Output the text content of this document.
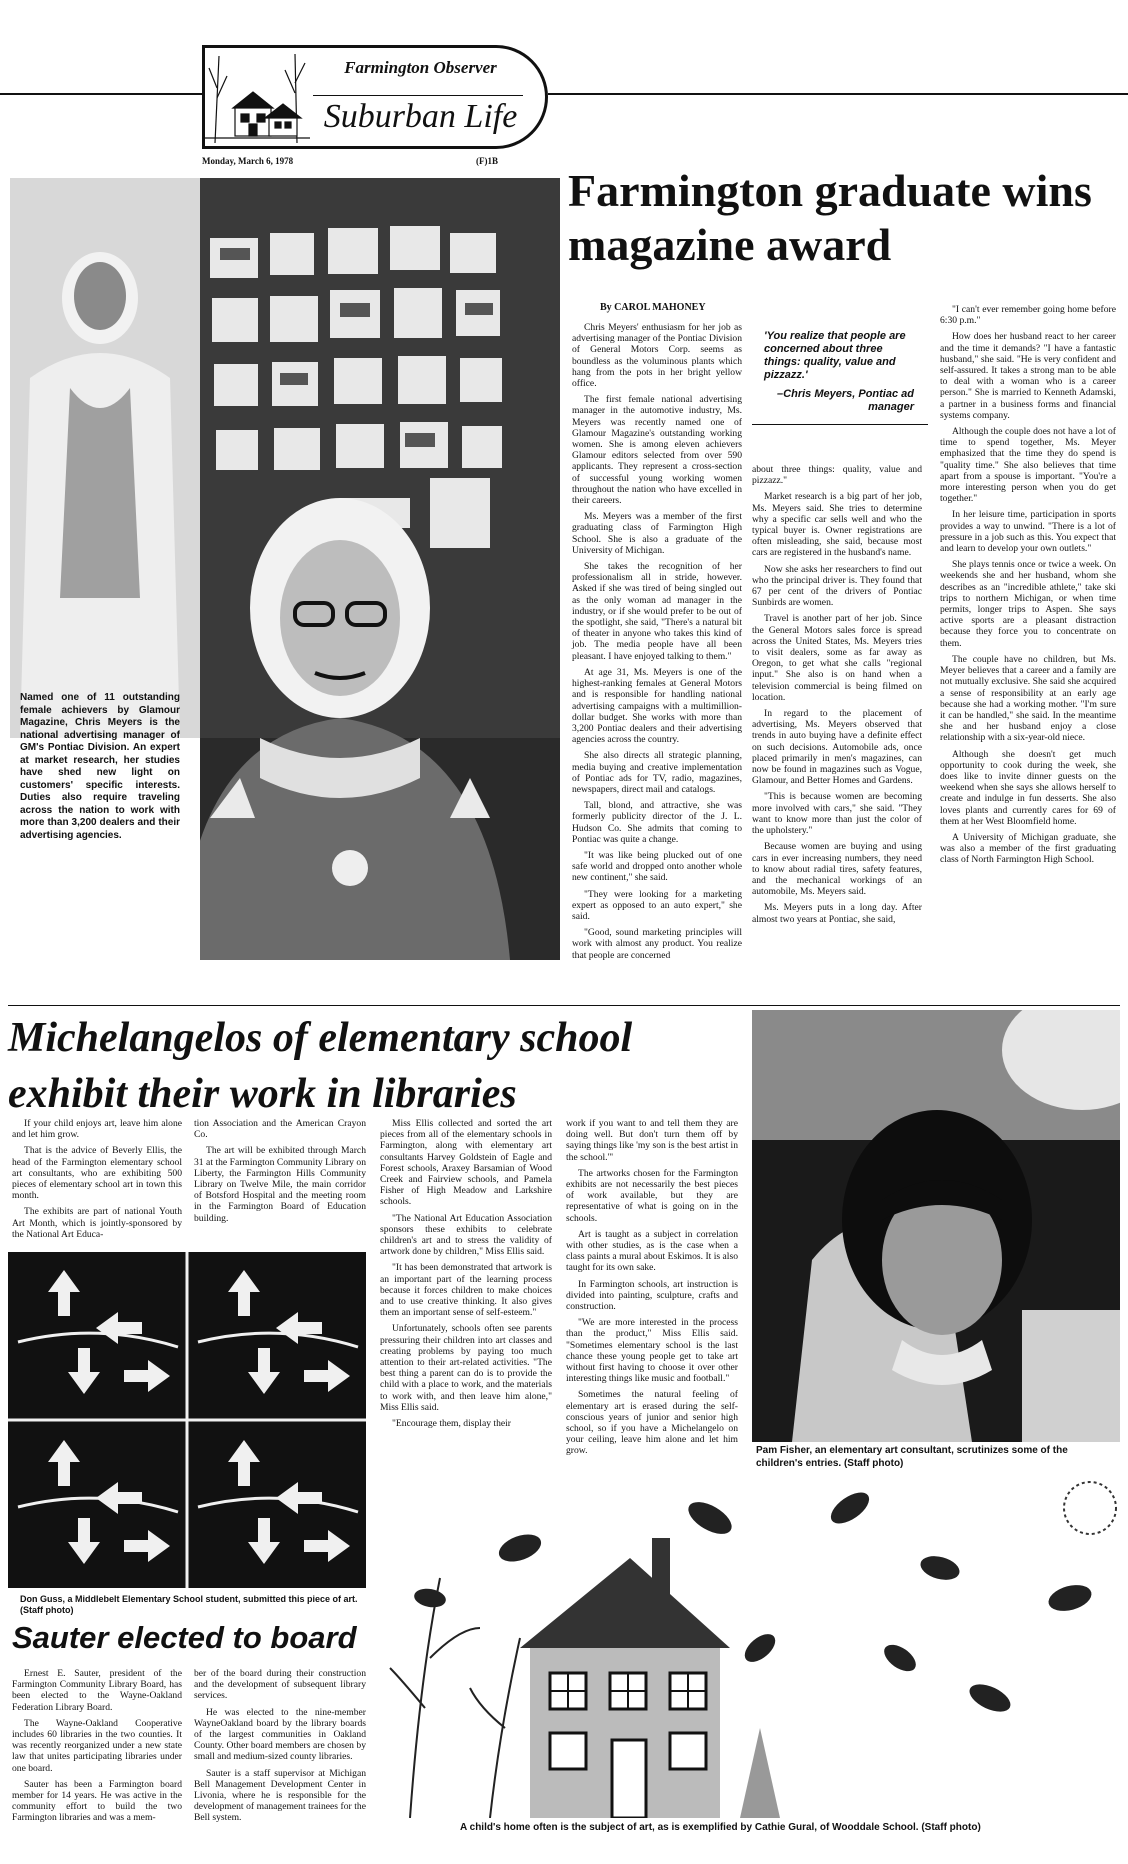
Farmington Observer
Suburban Life
Monday, March 6, 1978	(F)1B
Named one of 11 outstanding female achievers by Glamour Magazine, Chris Meyers is the national advertising manager of GM's Pontiac Division. An expert at market research, her studies have shed new light on customers' specific interests. Duties also require traveling across the nation to work with more than 3,200 dealers and their advertising agencies.
Farmington graduate wins magazine award
By CAROL MAHONEY

Chris Meyers' enthusiasm for her job as advertising manager of the Pontiac Division of General Motors Corp. seems as boundless as the voluminous plants which hang from the pots in her bright yellow office.

The first female national advertising manager in the automotive industry, Ms. Meyers was recently named one of Glamour Magazine's outstanding working women. She is among eleven achievers Glamour editors selected from over 590 applicants. They represent a cross-section of successful young working women throughout the nation who have excelled in their careers.

Ms. Meyers was a member of the first graduating class of Farmington High School. She is also a graduate of the University of Michigan.

She takes the recognition of her professionalism all in stride, however. Asked if she was tired of being singled out as the only woman ad manager in the industry, or if she would prefer to be out of the spotlight, she said, "There's a natural bit of theater in anyone who takes this kind of job. The media people have all been pleasant. I have enjoyed talking to them."

At age 31, Ms. Meyers is one of the highest-ranking females at General Motors and is responsible for handling national advertising campaigns with a multimillion-dollar budget. She works with more than 3,200 Pontiac dealers and their advertising agencies across the country.

She also directs all strategic planning, media buying and creative implementation of Pontiac ads for TV, radio, magazines, newspapers, direct mail and catalogs.

Tall, blond, and attractive, she was formerly publicity director of the J. L. Hudson Co. She admits that coming to Pontiac was quite a change.

"It was like being plucked out of one safe world and dropped onto another whole new continent," she said.

"They were looking for a marketing expert as opposed to an auto expert," she said.

"Good, sound marketing principles will work with almost any product. You realize that people are concerned

'You realize that people are concerned about three things: quality, value and pizzazz.'
–Chris Meyers, Pontiac ad manager

about three things: quality, value and pizzazz."

Market research is a big part of her job, Ms. Meyers said. She tries to determine why a specific car sells well and who the typical buyer is. Owner registrations are often misleading, she said, because most cars are registered in the husband's name.

Now she asks her researchers to find out who the principal driver is. They found that 67 per cent of the drivers of Pontiac Sunbirds are women.

Travel is another part of her job. Since the General Motors sales force is spread across the United States, Ms. Meyers tries to visit dealers, some as far away as Oregon, to get what she calls "regional input." She also is on hand when a television commercial is being filmed on location.

In regard to the placement of advertising, Ms. Meyers observed that trends in auto buying have a definite effect on such decisions. Automobile ads, once placed primarily in men's magazines, can now be found in magazines such as Vogue, Glamour, and Better Homes and Gardens.

"This is because women are becoming more involved with cars," she said. "They want to know more than just the color of the upholstery."

Because women are buying and using cars in ever increasing numbers, they need to know about radial tires, safety features, and the mechanical workings of an automobile, Ms. Meyers said.

Ms. Meyers puts in a long day. After almost two years at Pontiac, she said,

"I can't ever remember going home before 6:30 p.m."

How does her husband react to her career and the time it demands? "I have a fantastic husband," she said. "He is very confident and self-assured. It takes a strong man to be able to deal with a woman who is a career person." She is married to Kenneth Adamski, a partner in a business forms and financial systems company.

Although the couple does not have a lot of time to spend together, Ms. Meyer emphasized that the time they do spend is "quality time." She also believes that time apart from a spouse is important. "You're a more interesting person when you do get together."

In her leisure time, participation in sports provides a way to unwind. "There is a lot of pressure in a job such as this. You expect that and learn to develop your own outlets."

She plays tennis once or twice a week. On weekends she and her husband, whom she describes as an "incredible athlete," take ski trips to northern Michigan, or when time permits, longer trips to Aspen. She says active sports are a pleasant distraction because they force you to concentrate on them.

The couple have no children, but Ms. Meyer believes that a career and a family are not mutually exclusive. She said she acquired a sense of responsibility at an early age because she had a working mother. "I'm sure it can be handled," she said. In the meantime she and her husband enjoy a close relationship with a six-year-old niece.

Although she doesn't get much opportunity to cook during the week, she does like to invite dinner guests on the weekend when she says she allows herself to create and indulge in fun desserts. She also loves plants and currently cares for 69 of them at her West Bloomfield home.

A University of Michigan graduate, she was also a member of the first graduating class of North Farmington High School.

Michelangelos of elementary school exhibit their work in libraries

If your child enjoys art, leave him alone and let him grow.

That is the advice of Beverly Ellis, the head of the Farmington elementary school art consultants, who are exhibiting 500 pieces of elementary school art in town this month.

The exhibits are part of national Youth Art Month, which is jointly-sponsored by the National Art Educa-

tion Association and the American Crayon Co.

The art will be exhibited through March 31 at the Farmington Community Library on Liberty, the Farmington Hills Community Library on Twelve Mile, the main corridor of Botsford Hospital and the meeting room in the Farmington Board of Education building.

Miss Ellis collected and sorted the art pieces from all of the elementary schools in Farmington, along with elementary art consultants Harvey Goldstein of Eagle and Forest schools, Araxey Barsamian of Wood Creek and Fairview schools, and Pamela Fisher of High Meadow and Larkshire schools.

"The National Art Education Association sponsors these exhibits to celebrate children's art and to stress the validity of artwork done by children," Miss Ellis said.

"It has been demonstrated that artwork is an important part of the learning process because it forces children to make choices and to use creative thinking. It also gives them an important sense of self-esteem."

Unfortunately, schools often see parents pressuring their children into art classes and creating problems by paying too much attention to their art-related activities. "The best thing a parent can do is to provide the child with a place to work, and the materials to work with, and then leave him alone," Miss Ellis said.

"Encourage them, display their

work if you want to and tell them they are doing well. But don't turn them off by saying things like 'my son is the best artist in the school.'"

The artworks chosen for the Farmington exhibits are not necessarily the best pieces of work available, but they are representative of what is going on in the schools.

Art is taught as a subject in correlation with other studies, as is the case when a class paints a mural about Eskimos. It is also taught for its own sake.

In Farmington schools, art instruction is divided into painting, sculpture, crafts and construction.

"We are more interested in the process than the product," Miss Ellis said. "Sometimes elementary school is the last chance these young people get to take art without first having to choose it over other interesting things like music and football."

Sometimes the natural feeling of elementary art is erased during the self-conscious years of junior and senior high school, so if you have a Michelangelo on your ceiling, leave him alone and let him grow.	Pam Fisher, an elementary art consultant, scrutinizes some of the children's entries. (Staff photo)
Don Guss, a Middlebelt Elementary School student, submitted this piece of art. (Staff photo)
A child's home often is the subject of art, as is exemplified by Cathie Gural, of Wooddale School. (Staff photo)
Sauter elected to board

Ernest E. Sauter, president of the Farmington Community Library Board, has been elected to the Wayne-Oakland Federation Library Board.

The Wayne-Oakland Cooperative includes 60 libraries in the two counties. It was recently reorganized under a new state law that unites participating libraries under one board.

Sauter has been a Farmington board member for 14 years. He was active in the community effort to build the two Farmington libraries and was a mem-

ber of the board during their construction and the development of subsequent library services.

He was elected to the nine-member WayneOakland board by the library boards of the largest communities in Oakland County. Other board members are chosen by small and medium-sized county libraries.

Sauter is a staff supervisor at Michigan Bell Management Development Center in Livonia, where he is responsible for the development of management trainees for the Bell system.
